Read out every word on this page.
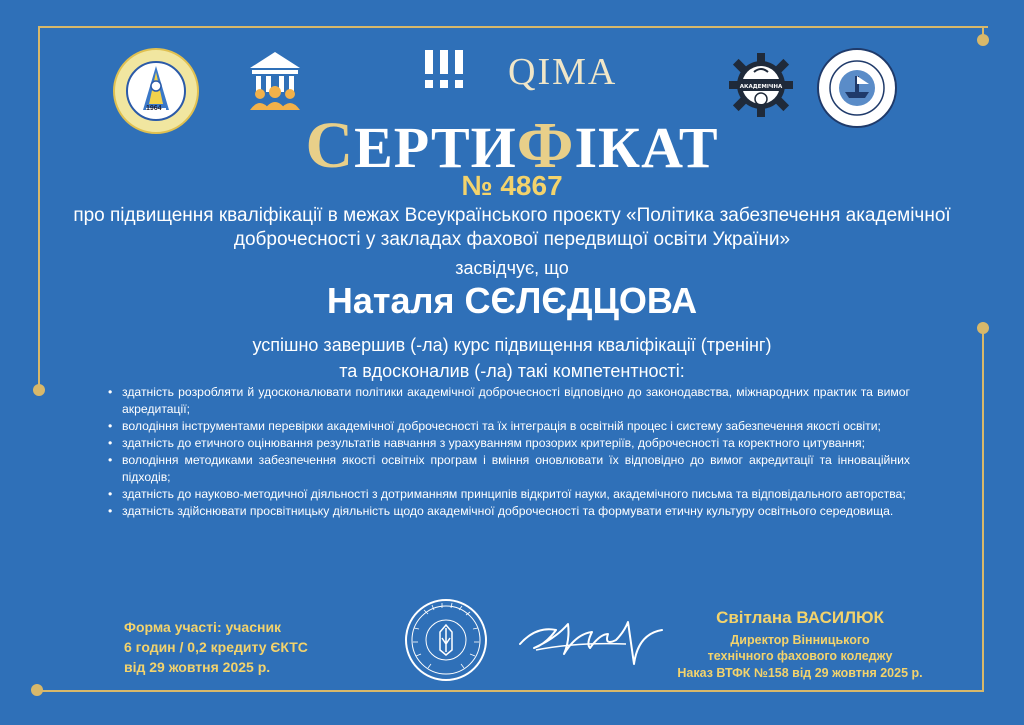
1964
QIMA	АКАДЕМІЧНА
СЕРТИФІКАТ
№ 4867
про підвищення кваліфікації в межах Всеукраїнського проєкту «Політика забезпечення академічної доброчесності у закладах фахової передвищої освіти України»
засвідчує, що
Наталя СЄЛЄДЦОВА
успішно завершив (-ла) курс підвищення кваліфікації (тренінг)
та вдосконалив (-ла) такі компетентності:
• здатність розробляти й удосконалювати політики академічної доброчесності відповідно до законодавства, міжнародних практик та вимог акредитації;
• володіння інструментами перевірки академічної доброчесності та їх інтеграція в освітній процес і систему забезпечення якості освіти;
• здатність до етичного оцінювання результатів навчання з урахуванням прозорих критеріїв, доброчесності та коректного цитування;
• володіння методиками забезпечення якості освітніх програм і вміння оновлювати їх відповідно до вимог акредитації та інноваційних підходів;
• здатність до науково-методичної діяльності з дотриманням принципів відкритої науки, академічного письма та відповідального авторства;
• здатність здійснювати просвітницьку діяльність щодо академічної доброчесності та формувати етичну культуру освітнього середовища.
Форма участі: учасник
6 годин / 0,2 кредиту ЄКТС
від 29 жовтня 2025 р.
Світлана ВАСИЛЮК
Директор Вінницького технічного фахового коледжу
Наказ ВТФК №158 від 29 жовтня 2025 р.
